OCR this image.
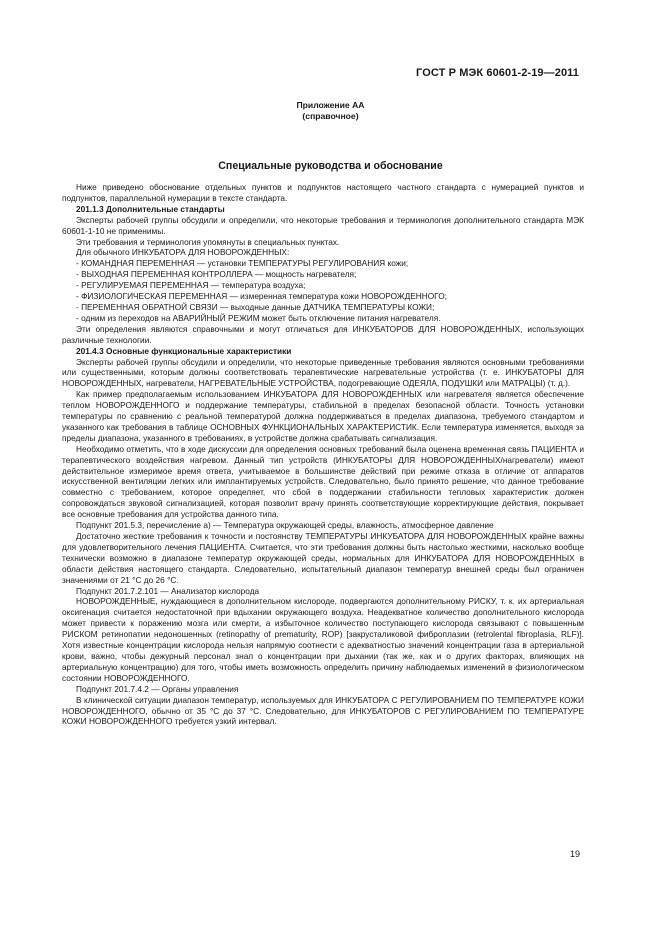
ГОСТ Р МЭК 60601-2-19—2011
Приложение АА
(справочное)
Специальные руководства и обоснование

Ниже приведено обоснование отдельных пунктов и подпунктов настоящего частного стандарта с нумерацией пунктов и подпунктов, параллельной нумерации в тексте стандарта.

201.1.3 Дополнительные стандарты

Эксперты рабочей группы обсудили и определили, что некоторые требования и терминология дополнительного стандарта МЭК 60601-1-10 не применимы.

Эти требования и терминология упомянуты в специальных пунктах.

Для обычного ИНКУБАТОРА ДЛЯ НОВОРОЖДЕННЫХ:

- КОМАНДНАЯ ПЕРЕМЕННАЯ — установки ТЕМПЕРАТУРЫ РЕГУЛИРОВАНИЯ кожи;

- ВЫХОДНАЯ ПЕРЕМЕННАЯ КОНТРОЛЛЕРА — мощность нагревателя;

- РЕГУЛИРУЕМАЯ ПЕРЕМЕННАЯ — температура воздуха;

- ФИЗИОЛОГИЧЕСКАЯ ПЕРЕМЕННАЯ — измеренная температура кожи НОВОРОЖДЕННОГО;

- ПЕРЕМЕННАЯ ОБРАТНОЙ СВЯЗИ — выходные данные ДАТЧИКА ТЕМПЕРАТУРЫ КОЖИ;

- одним из переходов на АВАРИЙНЫЙ РЕЖИМ может быть отключение питания нагревателя.

Эти определения являются справочными и могут отличаться для ИНКУБАТОРОВ ДЛЯ НОВОРОЖДЕННЫХ, использующих различные технологии.

201.4.3 Основные функциональные характеристики

Эксперты рабочей группы обсудили и определили, что некоторые приведенные требования являются основными требованиями или существенными, которым должны соответствовать терапевтические нагревательные устройства (т. е. ИНКУБАТОРЫ ДЛЯ НОВОРОЖДЕННЫХ, нагреватели, НАГРЕВАТЕЛЬНЫЕ УСТРОЙСТВА, подогревающие ОДЕЯЛА, ПОДУШКИ или МАТРАЦЫ) (т. д.).

Как пример предполагаемым использованием ИНКУБАТОРА ДЛЯ НОВОРОЖДЕННЫХ или нагревателя является обеспечение теплом НОВОРОЖДЕННОГО и поддержание температуры, стабильной в пределах безопасной области. Точность установки температуры по сравнению с реальной температурой должна поддерживаться в пределах диапазона, требуемого стандартом и указанного как требования в таблице ОСНОВНЫХ ФУНКЦИОНАЛЬНЫХ ХАРАКТЕРИСТИК. Если температура изменяется, выходя за пределы диапазона, указанного в требованиях, в устройстве должна срабатывать сигнализация.

Необходимо отметить, что в ходе дискуссии для определения основных требований была оценена временная связь ПАЦИЕНТА и терапевтического воздействия нагревом. Данный тип устройств (ИНКУБАТОРЫ ДЛЯ НОВОРОЖДЕННЫХ/нагреватели) имеют действительное измеримое время ответа, учитываемое в большинстве действий при режиме отказа в отличие от аппаратов искусственной вентиляции легких или имплантируемых устройств. Следовательно, было принято решение, что данное требование совместно с требованием, которое определяет, что сбой в поддержании стабильности тепловых характеристик должен сопровождаться звуковой сигнализацией, которая позволит врачу принять соответствующие корректирующие действия, покрывает все основные требования для устройства данного типа.

Подпункт 201.5.3, перечисление а) — Температура окружающей среды, влажность, атмосферное давление

Достаточно жесткие требования к точности и постоянству ТЕМПЕРАТУРЫ ИНКУБАТОРА ДЛЯ НОВОРОЖДЕННЫХ крайне важны для удовлетворительного лечения ПАЦИЕНТА. Считается, что эти требования должны быть настолько жесткими, насколько вообще технически возможно в диапазоне температур окружающей среды, нормальных для ИНКУБАТОРА ДЛЯ НОВОРОЖДЕННЫХ в области действия настоящего стандарта. Следовательно, испытательный диапазон температур внешней среды был ограничен значениями от 21 °С до 26 °С.

Подпункт 201.7.2.101 — Анализатор кислорода

НОВОРОЖДЕННЫЕ, нуждающиеся в дополнительном кислороде, подвергаются дополнительному РИСКУ, т. к. их артериальная оксигенация считается недостаточной при вдыхании окружающего воздуха. Неадекватное количество дополнительного кислорода может привести к поражению мозга или смерти, а избыточное количество поступающего кислорода связывают с повышенным РИСКОМ ретинопатии недоношенных (retinopathy of prematurity, ROP) [закрусталиковой фиброплазии (retrolental fibroplasia, RLF)]. Хотя известные концентрации кислорода нельзя напрямую соотнести с адекватностью значений концентрации газа в артериальной крови, важно, чтобы дежурный персонал знал о концентрации при дыхании (так же, как и о других факторах, влияющих на артериальную концентрацию) для того, чтобы иметь возможность определить причину наблюдаемых изменений в физиологическом состоянии НОВОРОЖДЕННОГО.

Подпункт 201.7.4.2 — Органы управления

В клинической ситуации диапазон температур, используемых для ИНКУБАТОРА С РЕГУЛИРОВАНИЕМ ПО ТЕМПЕРАТУРЕ КОЖИ НОВОРОЖДЕННОГО, обычно от 35 °С до 37 °С. Следовательно, для ИНКУБАТОРОВ С РЕГУЛИРОВАНИЕМ ПО ТЕМПЕРАТУРЕ КОЖИ НОВОРОЖДЕННОГО требуется узкий интервал.

19
